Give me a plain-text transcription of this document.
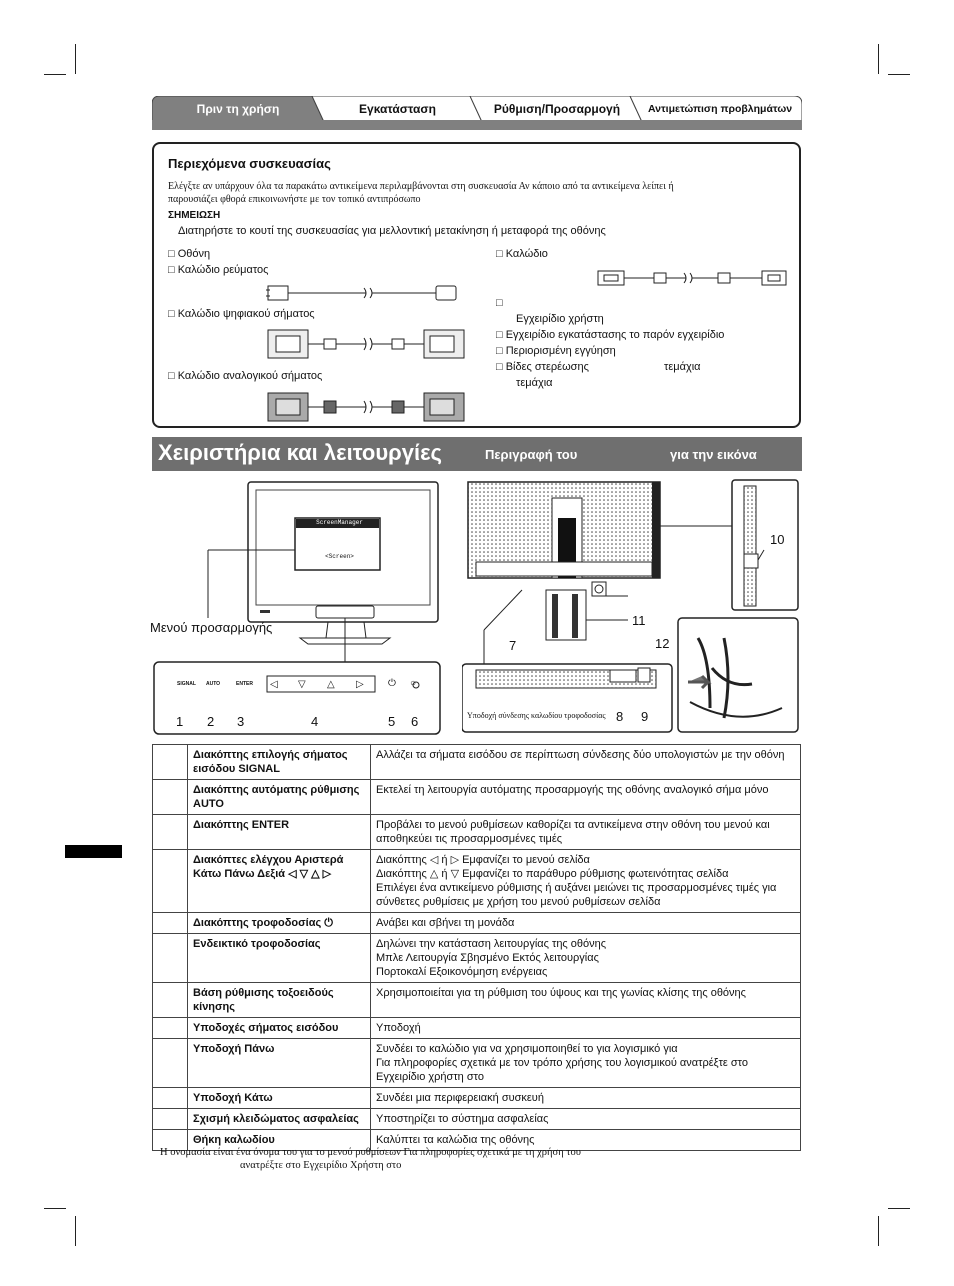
Πριν τη χρήση	Εγκατάσταση	Ρύθμιση/Προσαρμογή	Αντιμετώπιση προβλημάτων
Περιεχόμενα συσκευασίας
Ελέγξτε αν υπάρχουν όλα τα παρακάτω αντικείμενα περιλαμβάνονται στη συσκευασία Αν κάποιο από τα αντικείμενα λείπει ή
παρουσιάζει φθορά επικοινωνήστε με τον τοπικό αντιπρόσωπο
ΣΗΜΕΙΩΣΗ
Διατηρήστε το κουτί της συσκευασίας για μελλοντική μετακίνηση ή μεταφορά της οθόνης
□ Οθόνη
□ Καλώδιο ρεύματος
□ Καλώδιο ψηφιακού σήματος
□ Καλώδιο αναλογικού σήματος
□ Καλώδιο
□
Εγχειρίδιο χρήστη
□ Εγχειρίδιο εγκατάστασης το παρόν εγχειρίδιο
□ Περιορισμένη εγγύηση
□ Βίδες στερέωσης	τεμάχια
τεμάχια
Χειριστήρια και λειτουργίες	Περιγραφή του	για την εικόνα
ScreenManager
<Screen>
Μενού προσαρμογής
SIGNAL AUTO	ENTER ◁ ▽ △ ▷ ⏻ ○
1 2 3	4	5 6
10
11
12
7
Υποδοχή σύνδεσης καλωδίου τροφοδοσίας 8 9
	Διακόπτης επιλογής σήματος εισόδου SIGNAL	Αλλάζει τα σήματα εισόδου σε περίπτωση σύνδεσης δύο υπολογιστών με την οθόνη
	Διακόπτης αυτόματης ρύθμισης AUTO	Εκτελεί τη λειτουργία αυτόματης προσαρμογής της οθόνης αναλογικό σήμα μόνο
	Διακόπτης ENTER	Προβάλει το μενού ρυθμίσεων καθορίζει τα αντικείμενα στην οθόνη του μενού και αποθηκεύει τις προσαρμοσμένες τιμές
	Διακόπτες ελέγχου Αριστερά Κάτω Πάνω Δεξιά ◁ ▽ △ ▷	Διακόπτης ◁ ή ▷ Εμφανίζει το μενού σελίδα
Διακόπτης △ ή ▽ Εμφανίζει το παράθυρο ρύθμισης φωτεινότητας σελίδα
Επιλέγει ένα αντικείμενο ρύθμισης ή αυξάνει μειώνει τις προσαρμοσμένες τιμές για σύνθετες ρυθμίσεις με χρήση του μενού ρυθμίσεων σελίδα
	Διακόπτης τροφοδοσίας ⏻	Ανάβει και σβήνει τη μονάδα
	Ενδεικτικό τροφοδοσίας	Δηλώνει την κατάσταση λειτουργίας της οθόνης
Μπλε Λειτουργία Σβησμένο Εκτός λειτουργίας
Πορτοκαλί Εξοικονόμηση ενέργειας
	Βάση ρύθμισης τοξοειδούς κίνησης	Χρησιμοποιείται για τη ρύθμιση του ύψους και της γωνίας κλίσης της οθόνης
	Υποδοχές σήματος εισόδου	Υποδοχή
	Υποδοχή Πάνω	Συνδέει το καλώδιο για να χρησιμοποιηθεί το για λογισμικό για
Για πληροφορίες σχετικά με τον τρόπο χρήσης του λογισμικού ανατρέξτε στο Εγχειρίδιο χρήστη στο
	Υποδοχή Κάτω	Συνδέει μια περιφερειακή συσκευή
	Σχισμή κλειδώματος ασφαλείας	Υποστηρίζει το σύστημα ασφαλείας
	Θήκη καλωδίου	Καλύπτει τα καλώδια της οθόνης
Η ονομασία είναι ένα όνομα του για το μενού ρυθμίσεων Για πληροφορίες σχετικά με τη χρήση του
ανατρέξτε στο Εγχειρίδιο Χρήστη στο
